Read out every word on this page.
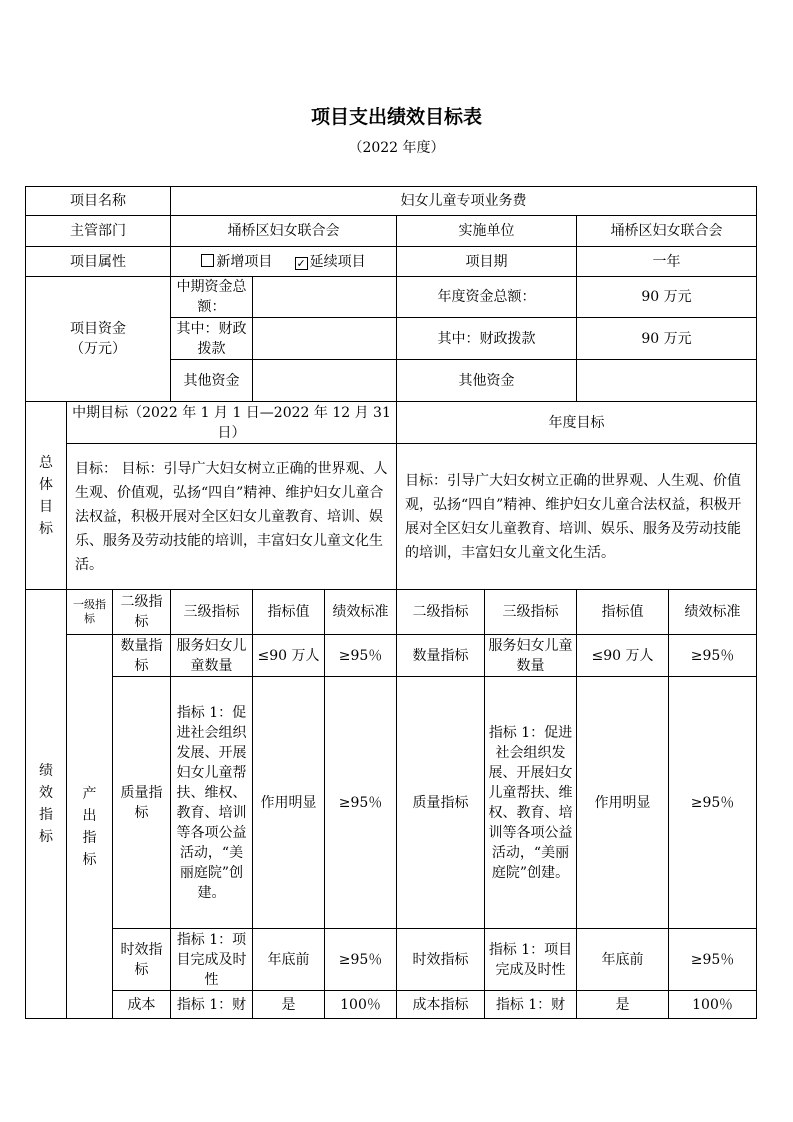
项目支出绩效目标表
（2022 年度）
项目名称			妇女儿童专项业务费						
主管部门			埇桥区妇女联合会			实施单位		埇桥区妇女联合会	
项目属性			新增项目 ✓ 延续项目			项目期		一年	
项目资金（万元）			中期资金总额：			年度资金总额：		90 万元	
			其中：财政拨款			其中：财政拨款		90 万元	
			其他资金			其他资金			
总体目标	中期目标（2022 年 1 月 1 日—2022 年 12 月 31 日）					年度目标			
	目标： 目标：引导广大妇女树立正确的世界观、人生观、价值观，弘扬“四自”精神、维护妇女儿童合法权益，积极开展对全区妇女儿童教育、培训、娱乐、服务及劳动技能的培训，丰富妇女儿童文化生活。					目标：引导广大妇女树立正确的世界观、人生观、价值观，弘扬“四自”精神、维护妇女儿童合法权益，积极开展对全区妇女儿童教育、培训、娱乐、服务及劳动技能的培训，丰富妇女儿童文化生活。			
绩效指标	一级指标	二级指标	三级指标	指标值	绩效标准	二级指标	三级指标	指标值	绩效标准
	产出指标	数量指标	服务妇女儿童数量	≤90 万人	≥95％	数量指标	服务妇女儿童数量	≤90 万人	≥95％
		质量指标	指标 1：促进社会组织发展、开展妇女儿童帮扶、维权、教育、培训等各项公益活动，“美丽庭院”创建。	作用明显	≥95％	质量指标	指标 1：促进社会组织发展、开展妇女儿童帮扶、维权、教育、培训等各项公益活动，“美丽庭院”创建。	作用明显	≥95％
		时效指标	指标 1：项目完成及时性	年底前	≥95％	时效指标	指标 1：项目完成及时性	年底前	≥95％
		成本	指标 1：财	是	100％	成本指标	指标 1：财	是	100％
